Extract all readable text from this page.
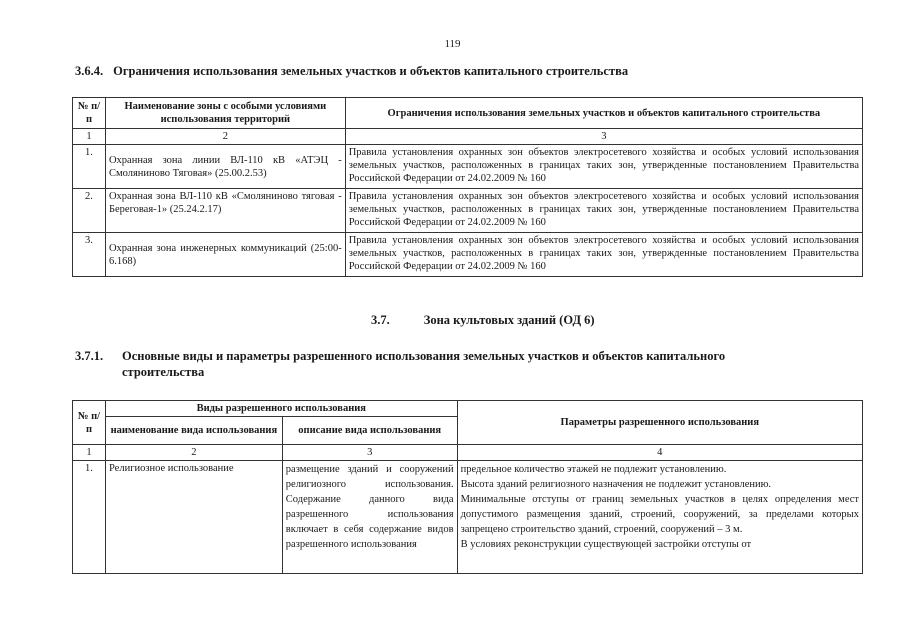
119
3.6.4. Ограничения использования земельных участков и объектов капитального строительства
№ п/п	Наименование зоны с особыми условиями использования территорий	Ограничения использования земельных участков и объектов капитального строительства
1	2	3
1.	Охранная зона линии ВЛ-110 кВ «АТЭЦ - Смоляниново Тяговая» (25.00.2.53)	Правила установления охранных зон объектов электросетевого хозяйства и особых условий использования земельных участков, расположенных в границах таких зон, утвержденные постановлением Правительства Российской Федерации от 24.02.2009 № 160
2.	Охранная зона ВЛ-110 кВ «Смоляниново тяговая - Береговая-1» (25.24.2.17)	Правила установления охранных зон объектов электросетевого хозяйства и особых условий использования земельных участков, расположенных в границах таких зон, утвержденные постановлением Правительства Российской Федерации от 24.02.2009 № 160
3.	Охранная зона инженерных коммуникаций (25:00-6.168)	Правила установления охранных зон объектов электросетевого хозяйства и особых условий использования земельных участков, расположенных в границах таких зон, утвержденные постановлением Правительства Российской Федерации от 24.02.2009 № 160
3.7.	Зона культовых зданий (ОД 6)
3.7.1. Основные виды и параметры разрешенного использования земельных участков и объектов капитального
строительства
№ п/п	Виды разрешенного использования		Параметры разрешенного использования
	наименование вида использования	описание вида использования	
1	2	3	4
1.	Религиозное использование	размещение зданий и сооружений религиозного использования. Содержание данного вида разрешенного использования включает в себя содержание видов разрешенного использования	предельное количество этажей не подлежит установлению.
Высота зданий религиозного назначения не подлежит установлению.
Минимальные отступы от границ земельных участков в целях определения мест допустимого размещения зданий, строений, сооружений, за пределами которых запрещено строительство зданий, строений, сооружений – 3 м.
В условиях реконструкции существующей застройки отступы от
